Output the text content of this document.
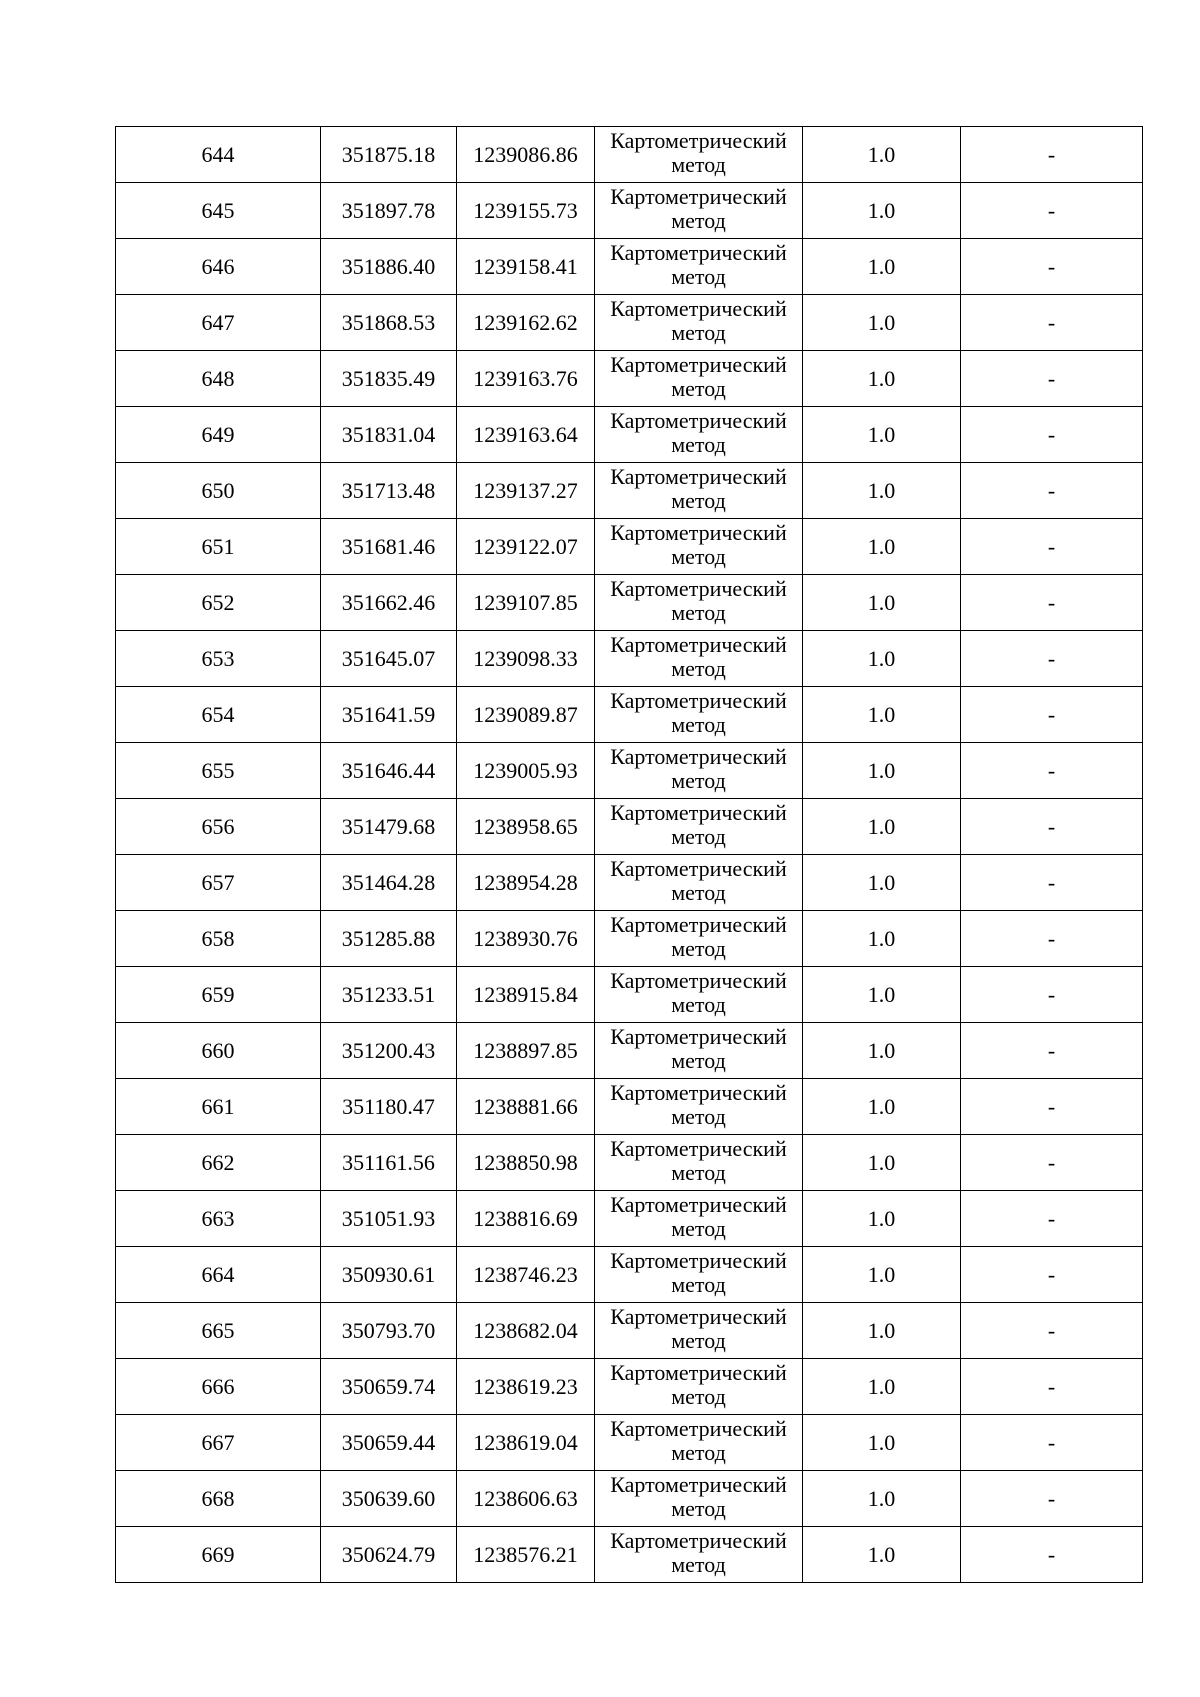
644	351875.18	1239086.86	Картометрический метод	1.0	-
645	351897.78	1239155.73	Картометрический метод	1.0	-
646	351886.40	1239158.41	Картометрический метод	1.0	-
647	351868.53	1239162.62	Картометрический метод	1.0	-
648	351835.49	1239163.76	Картометрический метод	1.0	-
649	351831.04	1239163.64	Картометрический метод	1.0	-
650	351713.48	1239137.27	Картометрический метод	1.0	-
651	351681.46	1239122.07	Картометрический метод	1.0	-
652	351662.46	1239107.85	Картометрический метод	1.0	-
653	351645.07	1239098.33	Картометрический метод	1.0	-
654	351641.59	1239089.87	Картометрический метод	1.0	-
655	351646.44	1239005.93	Картометрический метод	1.0	-
656	351479.68	1238958.65	Картометрический метод	1.0	-
657	351464.28	1238954.28	Картометрический метод	1.0	-
658	351285.88	1238930.76	Картометрический метод	1.0	-
659	351233.51	1238915.84	Картометрический метод	1.0	-
660	351200.43	1238897.85	Картометрический метод	1.0	-
661	351180.47	1238881.66	Картометрический метод	1.0	-
662	351161.56	1238850.98	Картометрический метод	1.0	-
663	351051.93	1238816.69	Картометрический метод	1.0	-
664	350930.61	1238746.23	Картометрический метод	1.0	-
665	350793.70	1238682.04	Картометрический метод	1.0	-
666	350659.74	1238619.23	Картометрический метод	1.0	-
667	350659.44	1238619.04	Картометрический метод	1.0	-
668	350639.60	1238606.63	Картометрический метод	1.0	-
669	350624.79	1238576.21	Картометрический метод	1.0	-
